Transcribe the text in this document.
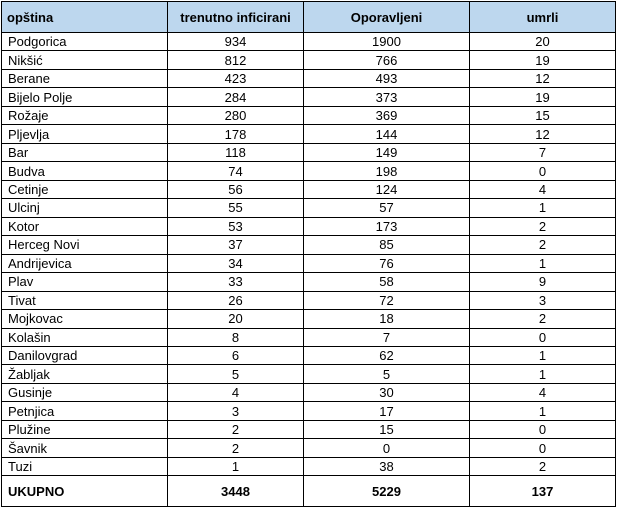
opština	trenutno inficirani	Oporavljeni	umrli
Podgorica	934	1900	20
Nikšić	812	766	19
Berane	423	493	12
Bijelo Polje	284	373	19
Rožaje	280	369	15
Pljevlja	178	144	12
Bar	118	149	7
Budva	74	198	0
Cetinje	56	124	4
Ulcinj	55	57	1
Kotor	53	173	2
Herceg Novi	37	85	2
Andrijevica	34	76	1
Plav	33	58	9
Tivat	26	72	3
Mojkovac	20	18	2
Kolašin	8	7	0
Danilovgrad	6	62	1
Žabljak	5	5	1
Gusinje	4	30	4
Petnjica	3	17	1
Plužine	2	15	0
Šavnik	2	0	0
Tuzi	1	38	2
UKUPNO	3448	5229	137
